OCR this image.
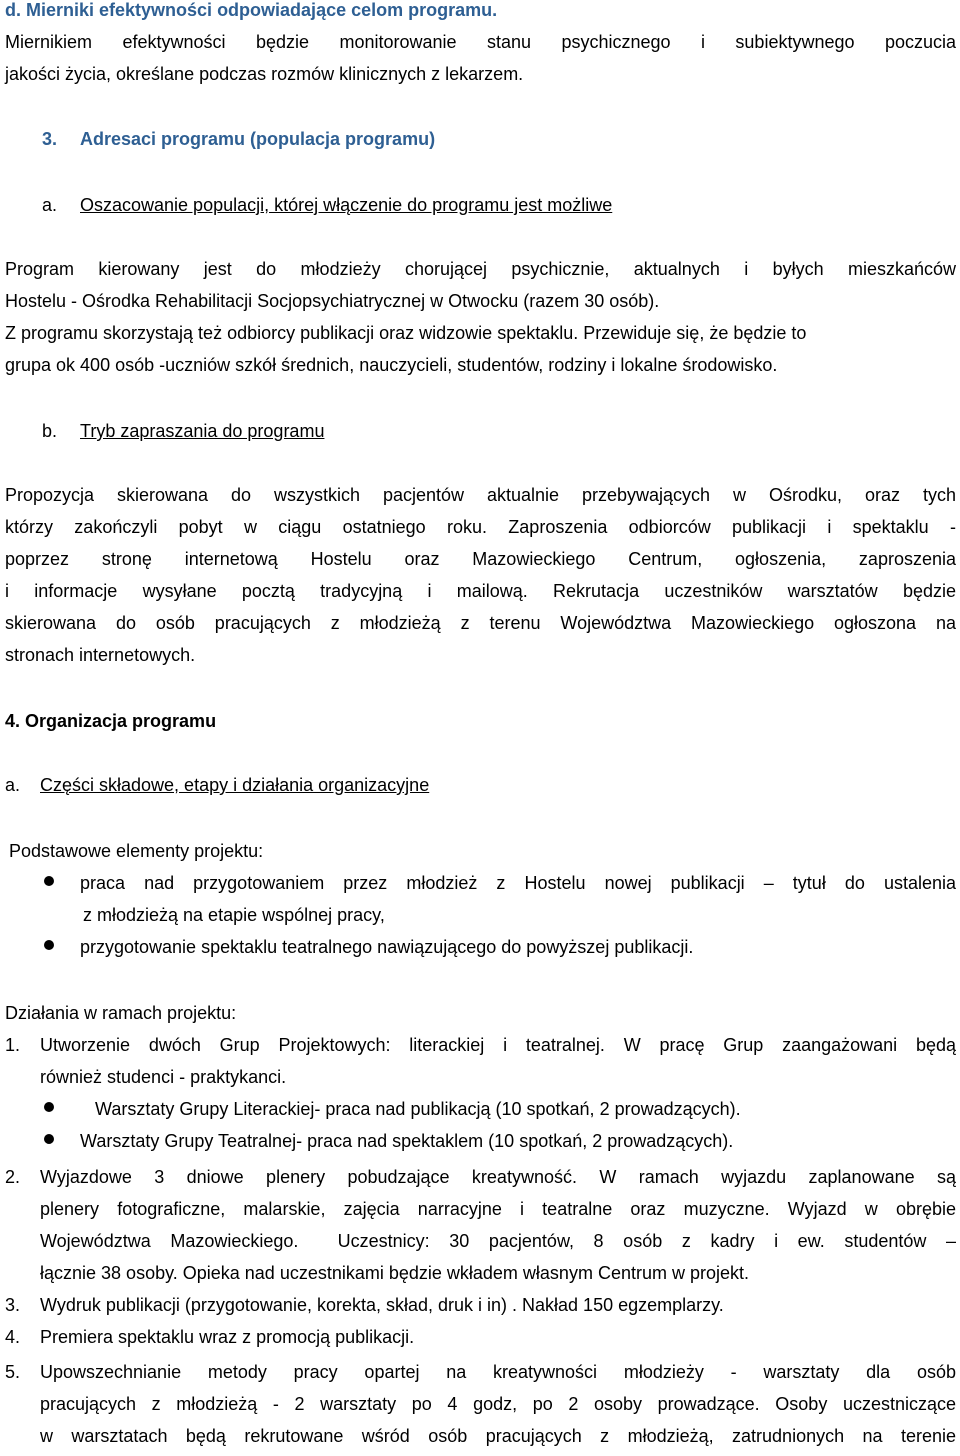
d. Mierniki efektywności odpowiadające celom programu.

Miernikiem efektywności będzie monitorowanie stanu psychicznego i subiektywnego poczucia

jakości życia, określane podczas rozmów klinicznych z lekarzem.

3.	Adresaci programu (populacja programu)

a.	Oszacowanie populacji, której włączenie do programu jest możliwe

Program kierowany jest do młodzieży chorującej psychicznie, aktualnych i byłych mieszkańców

Hostelu - Ośrodka Rehabilitacji Socjopsychiatrycznej w Otwocku (razem 30 osób).

Z programu skorzystają też odbiorcy publikacji oraz widzowie spektaklu. Przewiduje się, że będzie to

grupa ok 400 osób -uczniów szkół średnich, nauczycieli, studentów, rodziny i lokalne środowisko.

b.	Tryb zapraszania do programu

Propozycja skierowana do wszystkich pacjentów aktualnie przebywających w Ośrodku, oraz tych

którzy zakończyli pobyt w ciągu ostatniego roku. Zaproszenia odbiorców publikacji i spektaklu -

poprzez stronę internetową Hostelu oraz Mazowieckiego Centrum, ogłoszenia, zaproszenia

i informacje wysyłane pocztą tradycyjną i mailową. Rekrutacja uczestników warsztatów będzie

skierowana do osób pracujących z młodzieżą z terenu Województwa Mazowieckiego ogłoszona na

stronach internetowych.

4. Organizacja programu

a.	Części składowe, etapy i działania organizacyjne

Podstawowe elementy projektu:

praca nad przygotowaniem przez młodzież z Hostelu nowej publikacji – tytuł do ustalenia

z młodzieżą na etapie wspólnej pracy,

przygotowanie spektaklu teatralnego nawiązującego do powyższej publikacji.

Działania w ramach projektu:

1. Utworzenie dwóch Grup Projektowych: literackiej i teatralnej. W pracę Grup zaangażowani będą

również studenci - praktykanci.

Warsztaty Grupy Literackiej- praca nad publikacją (10 spotkań, 2 prowadzących).

Warsztaty Grupy Teatralnej- praca nad spektaklem (10 spotkań, 2 prowadzących).

2. Wyjazdowe 3 dniowe plenery pobudzające kreatywność. W ramach wyjazdu zaplanowane są

plenery fotograficzne, malarskie, zajęcia narracyjne i teatralne oraz muzyczne. Wyjazd w obrębie

Województwa Mazowieckiego.  Uczestnicy: 30 pacjentów, 8 osób z kadry i ew. studentów –

łącznie 38 osoby. Opieka nad uczestnikami będzie wkładem własnym Centrum w projekt.

3. Wydruk publikacji (przygotowanie, korekta, skład, druk i in) . Nakład 150 egzemplarzy.

4. Premiera spektaklu wraz z promocją publikacji.

5. Upowszechnianie metody pracy opartej na kreatywności młodzieży - warsztaty dla osób

pracujących z młodzieżą - 2 warsztaty po 4 godz, po 2 osoby prowadzące. Osoby uczestniczące

w warsztatach będą rekrutowane wśród osób pracujących z młodzieżą, zatrudnionych na terenie
